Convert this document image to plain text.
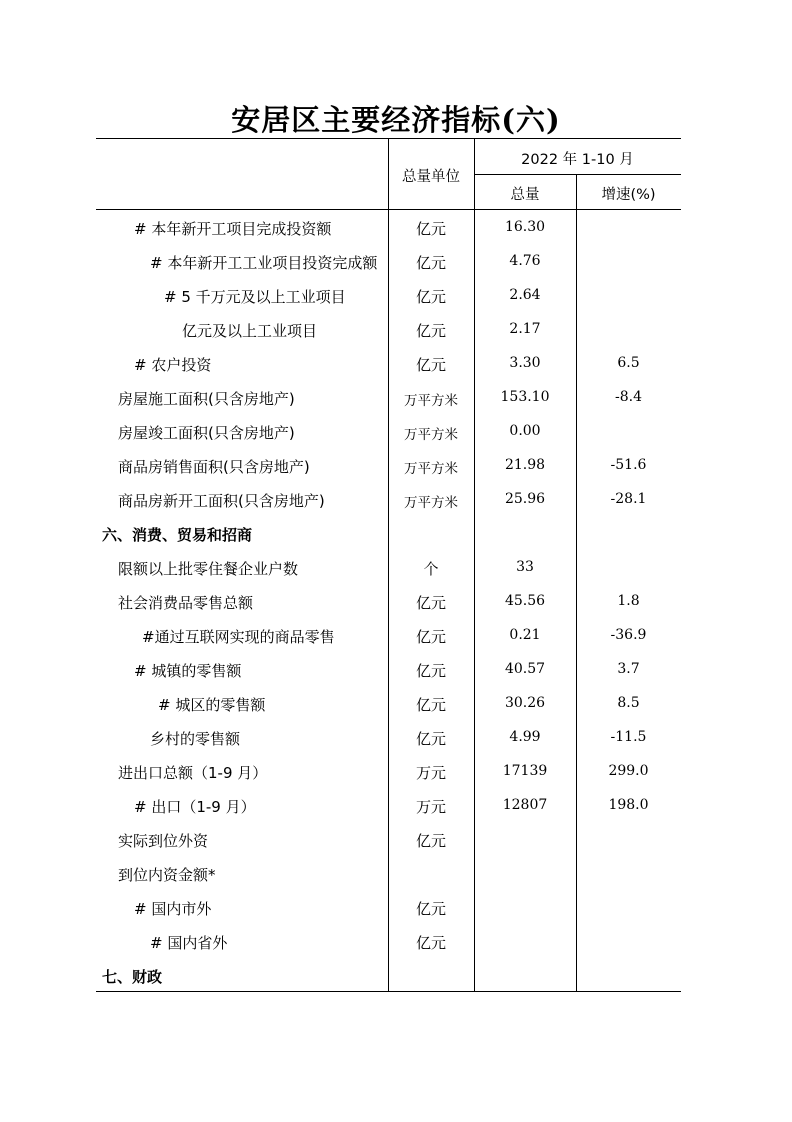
安居区主要经济指标(六)
总量单位
2022 年 1-10 月
总量	增速(%)
# 本年新开工项目完成投资额	亿元	16.30
# 本年新开工工业项目投资完成额	亿元	4.76
# 5 千万元及以上工业项目	亿元	2.64
亿元及以上工业项目	亿元	2.17
# 农户投资	亿元	3.30	6.5
房屋施工面积(只含房地产)	万平方米	153.10	-8.4
房屋竣工面积(只含房地产)	万平方米	0.00
商品房销售面积(只含房地产)	万平方米	21.98	-51.6
商品房新开工面积(只含房地产)	万平方米	25.96	-28.1
六、消费、贸易和招商
限额以上批零住餐企业户数	个	33
社会消费品零售总额	亿元	45.56	1.8
#通过互联网实现的商品零售	亿元	0.21	-36.9
# 城镇的零售额	亿元	40.57	3.7
# 城区的零售额	亿元	30.26	8.5
乡村的零售额	亿元	4.99	-11.5
进出口总额（1-9 月）	万元	17139	299.0
# 出口（1-9 月）	万元	12807	198.0
实际到位外资	亿元
到位内资金额*
# 国内市外	亿元
# 国内省外	亿元
七、财政
